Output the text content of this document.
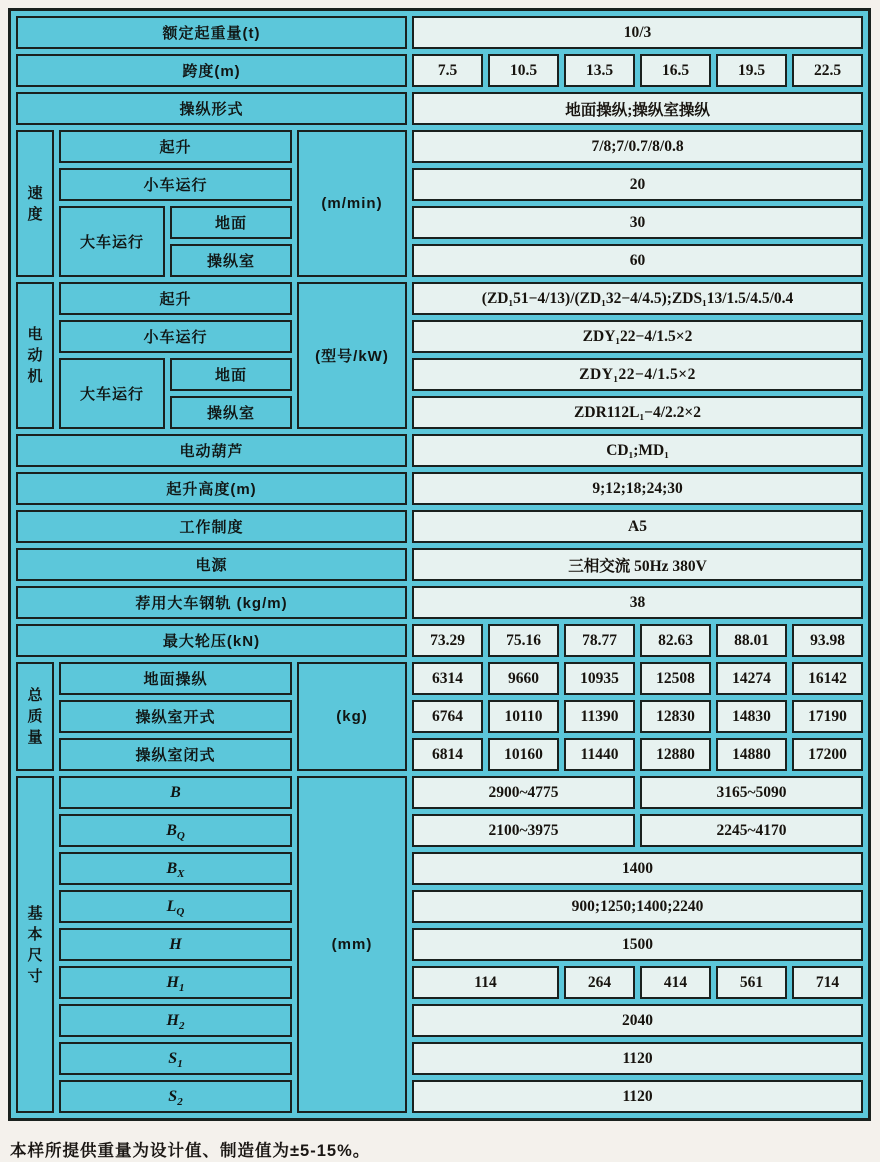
额定起重量(t)				10/3					
跨度(m)				7.5	10.5	13.5	16.5	19.5	22.5
操纵形式				地面操纵;操纵室操纵					

速度	起升		(m/min)	7/8;7/0.7/8/0.8					
	小车运行			20					
	大车运行	地面		30					
		操纵室		60					

电动机	起升		(型号/kW)	(ZD₁51−4/13)/(ZD₁32−4/4.5);ZDS₁13/1.5/4.5/0.4					
	小车运行			ZDY₁22−4/1.5×2					
	大车运行	地面		ZDY₁22−4/1.5×2					
		操纵室		ZDR112L₁−4/2.2×2					
电动葫芦				CD₁;MD₁					
起升高度(m)				9;12;18;24;30					
工作制度				A5					
电源				三相交流 50Hz 380V					
荐用大车钢轨 (kg/m)				38					
最大轮压(kN)				73.29	75.16	78.77	82.63	88.01	93.98

总质量	地面操纵		(kg)	6314	9660	10935	12508	14274	16142
	操纵室开式			6764	10110	11390	12830	14830	17190
	操纵室闭式			6814	10160	11440	12880	14880	17200

基本尺寸	B		(mm)	2900~4775			3165~5090		
	$B_Q$			2100~3975			2245~4170		
	$B_X$			1400					
	$L_Q$			900;1250;1400;2240					
	H			1500					
	$H_1$			114		264	414	561	714
	$H_2$			2040					
	$S_1$			1120					
	$S_2$			1120					
本样所提供重量为设计值、制造值为±5-15%。
